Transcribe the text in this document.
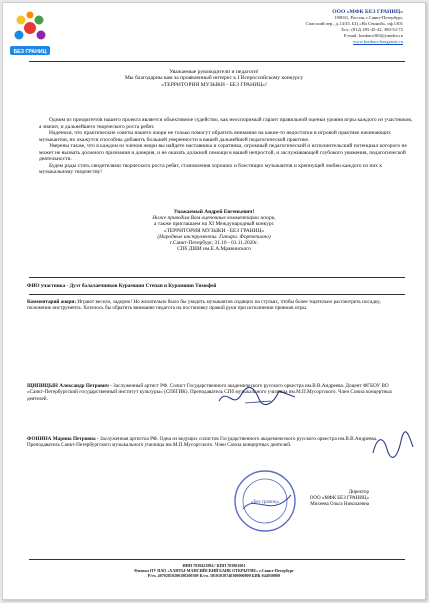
БЕЗ ГРАНИЦ
ООО «МФК БЕЗ ГРАНИЦ»
190031, Россия, г.Санкт-Петербург,
Спасский пер., д.14/35, БЦ «На Сенной», оф.1301
Тел.: (812) 495-45-42, 380-52-72
E-mail: konkurs365@yandex.ru
www.konkurs-bezgranic.ru
Уважаемые руководители и педагоги!
Мы благодарны вам за проявленный интерес к I Всероссийскому конкурсу
«ТЕРРИТОРИЯ МУЗЫКИ - БЕЗ ГРАНИЦ»!

Одним из приоритетов нашего проекта является объективное судейство, как неоспоримый гарант правильной оценки уровня игры каждого из участников, а значит, и дальнейшего творческого роста ребят.

Надеемся, что практические советы нашего жюри не только помогут обратить внимание на какие-то недостатки в игровой практике начинающих музыкантов, но окажутся способны добавить большей уверенности в вашей дальнейшей педагогической практике.

Уверены также, что в каждом из членов жюри вы найдете наставника и соратника, огромный педагогический и исполнительский потенциал которого не может не вызвать должного признания и доверия, и не оказать должной помощи в вашей непростой, и заслуживающей глубокого уважения, педагогической деятельности.

Будем рады стать свидетелями творческого роста ребят, становления хороших и блестящих музыкантов и крепнущей любви каждого из них к музыкальному творчеству!

Уважаемый Андрей Евгеньевич!
Ниже приводим Вам оценочные комментарии жюри,
а также приглашаем на XI Международный конкурс
«ТЕРРИТОРИЯ МУЗЫКИ - БЕЗ ГРАНИЦ»
(Народные инструменты. Гитара. Фортепиано)
г.Санкт-Петербург, 31.10 - 03.11.2020г.
СПб ДШИ им.Е.А.Мравинского
ФИО участника - Дуэт балалаечников Курамшин Степан и Курамшин Тимофей
Комментарий жюри: Играют весело, задорно! Но желательно было бы увидеть музыкантов сидящих на стульях, чтобы более тщательно рассмотреть посадку, положение инструмента. Хотелось бы обратить внимание педагога на постановку правой руки при исполнении приемов игры.
ЩИПИЦЫН Александр Петрович - Заслуженный артист РФ. Солист Государственного академического русского оркестра им.В.В.Андреева. Доцент ФГБОУ ВО «Санкт-Петербургский государственный институт культуры» (СПбГИК). Преподаватель СПб музыкального училища им.М.П.Мусоргского. Член Союза концертных деятелей.
ФОНИНА Марина Петровна - Заслуженная артистка РФ. Одна из ведущих солистов Государственного академического русского оркестра им.В.В.Андреева. Преподаватель Санкт-Петербургского музыкального училища им.М.П.Мусоргского. Член Союза концертных деятелей.
«Без границ»
Директор
ООО «МФК БЕЗ ГРАНИЦ»
Михеева Ольга Николаевна
ИНН 7838423984 / КПП 783801001
Филиал ПУ ПАО «ХАНТЫ-МАНСИЙСКИЙ БАНК ОТКРЫТИЕ» г.Санкт-Петербург
Р/сч. 40702810200180200309 К/сч. 30101810740300000809 БИК 044030809
